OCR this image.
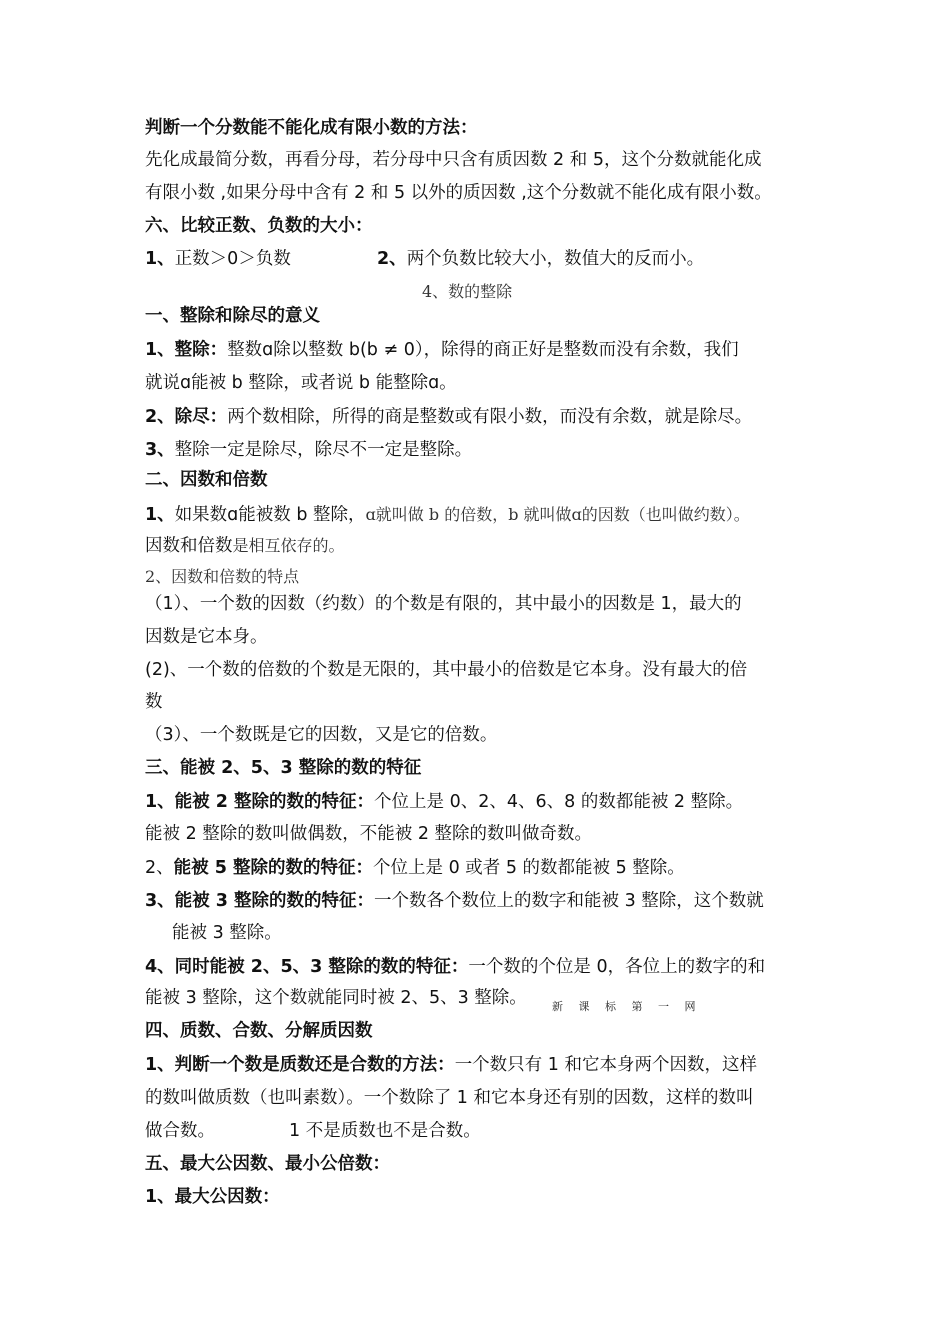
判断一个分数能不能化成有限小数的方法：
先化成最简分数，再看分母，若分母中只含有质因数 2 和 5，这个分数就能化成
有限小数 ,如果分母中含有 2 和 5 以外的质因数 ,这个分数就不能化成有限小数。
六、比较正数、负数的大小：
1、正数＞0＞负数	2、两个负数比较大小，数值大的反而小。
4、数的整除
一、整除和除尽的意义
1、整除：整数ɑ除以整数 b(b ≠ 0），除得的商正好是整数而没有余数，我们
就说ɑ能被 b 整除，或者说 b 能整除ɑ。
2、除尽：两个数相除，所得的商是整数或有限小数，而没有余数，就是除尽。
3、整除一定是除尽，除尽不一定是整除。
二、因数和倍数
1、如果数ɑ能被数 b 整除，ɑ就叫做 b 的倍数，b 就叫做ɑ的因数（也叫做约数）。
因数和倍数是相互依存的。
2、因数和倍数的特点
（1）、一个数的因数（约数）的个数是有限的，其中最小的因数是 1，最大的
因数是它本身。
(2)、一个数的倍数的个数是无限的，其中最小的倍数是它本身。没有最大的倍
数
（3）、一个数既是它的因数，又是它的倍数。
三、能被 2、5、3 整除的数的特征
1、能被 2 整除的数的特征：个位上是 0、2、4、6、8 的数都能被 2 整除。
能被 2 整除的数叫做偶数，不能被 2 整除的数叫做奇数。
2、能被 5 整除的数的特征：个位上是 0 或者 5 的数都能被 5 整除。
3、能被 3 整除的数的特征：一个数各个数位上的数字和能被 3 整除，这个数就
能被 3 整除。
4、同时能被 2、5、3 整除的数的特征：一个数的个位是 0，各位上的数字的和
能被 3 整除，这个数就能同时被 2、5、3 整除。 新 课 标 第 一 网
四、质数、合数、分解质因数
1、判断一个数是质数还是合数的方法：一个数只有 1 和它本身两个因数，这样
的数叫做质数（也叫素数）。一个数除了 1 和它本身还有别的因数，这样的数叫
做合数。	1 不是质数也不是合数。
五、最大公因数、最小公倍数：
1、最大公因数：
